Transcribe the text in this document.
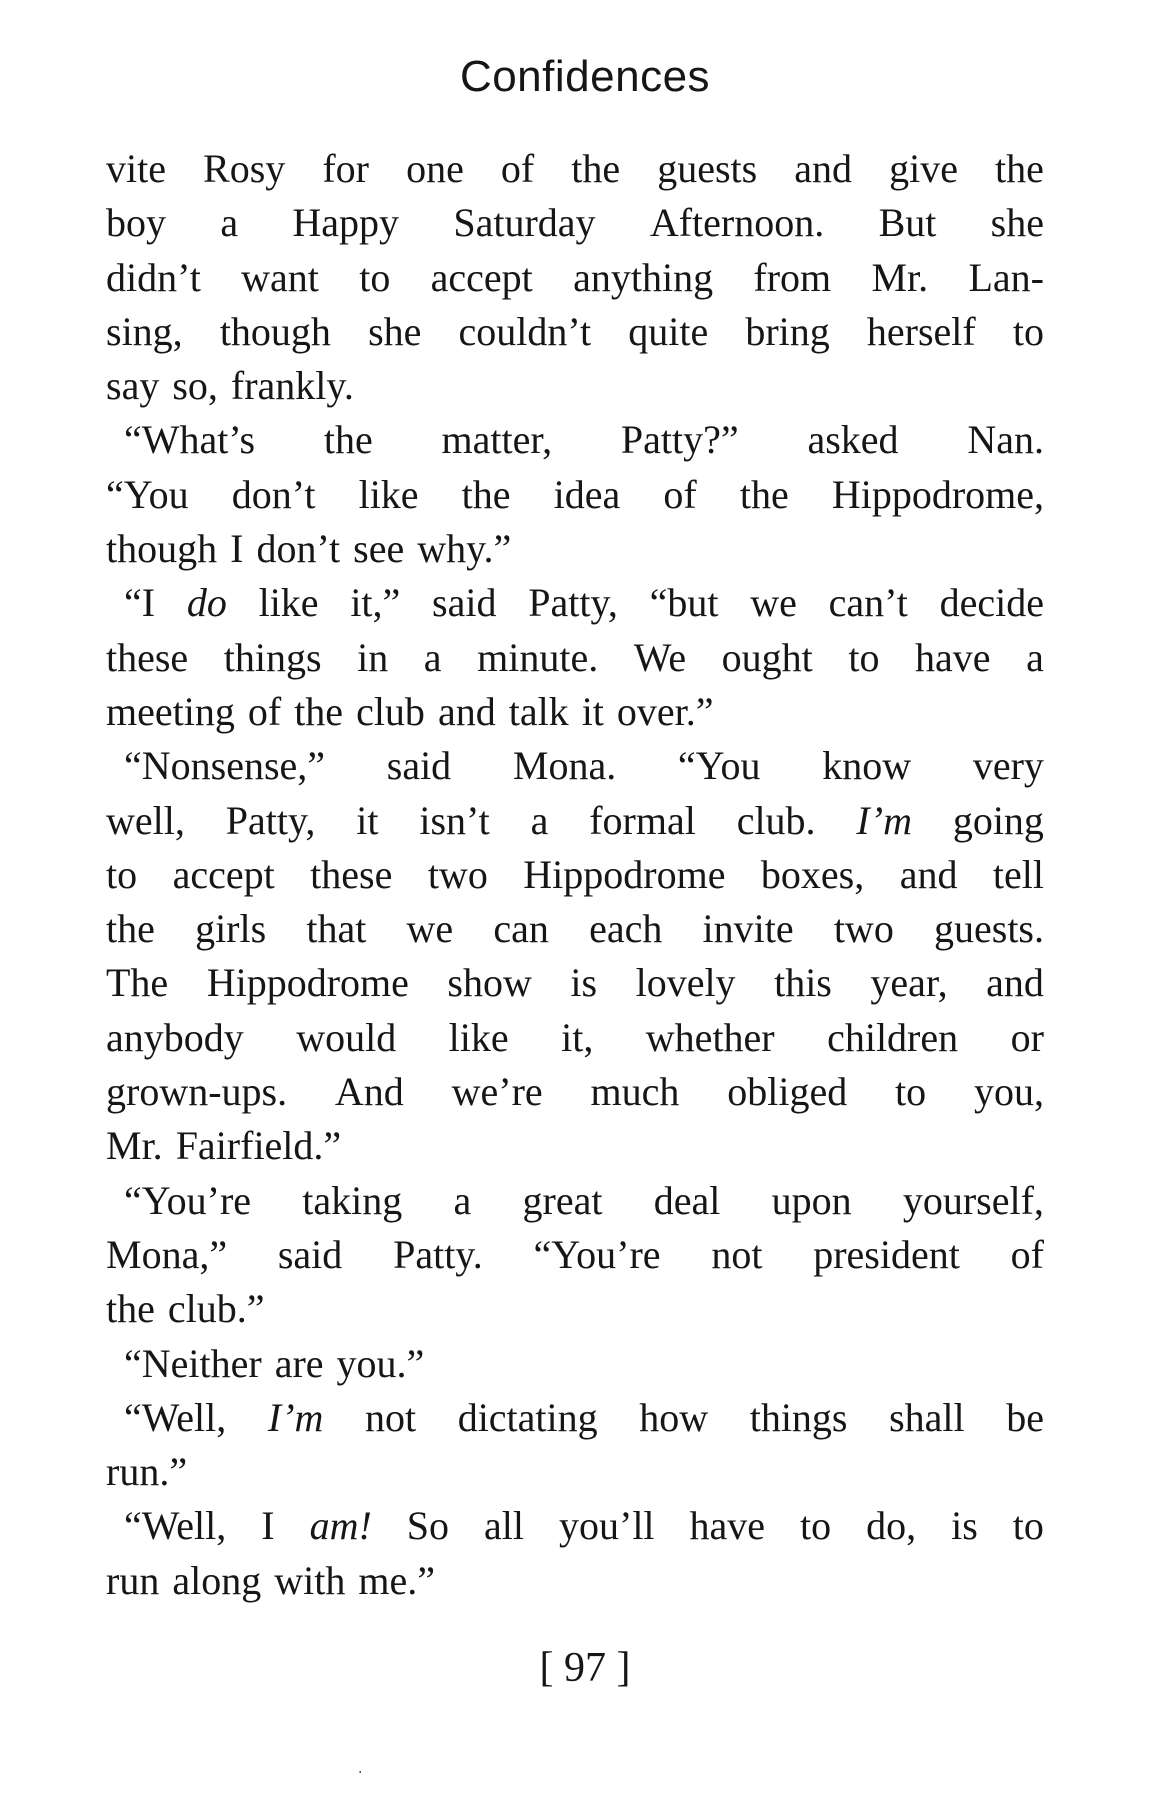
Confidences
vite Rosy for one of the guests and give the
boy a Happy Saturday Afternoon. But she
didn’t want to accept anything from Mr. Lan-
sing, though she couldn’t quite bring herself to
say so, frankly.
“What’s the matter, Patty?” asked Nan.
“You don’t like the idea of the Hippodrome,
though I don’t see why.”
“I do like it,” said Patty, “but we can’t decide
these things in a minute. We ought to have a
meeting of the club and talk it over.”
“Nonsense,” said Mona. “You know very
well, Patty, it isn’t a formal club. I’m going
to accept these two Hippodrome boxes, and tell
the girls that we can each invite two guests.
The Hippodrome show is lovely this year, and
anybody would like it, whether children or
grown-ups. And we’re much obliged to you,
Mr. Fairfield.”
“You’re taking a great deal upon yourself,
Mona,” said Patty. “You’re not president of
the club.”
“Neither are you.”
“Well, I’m not dictating how things shall be
run.”
“Well, I am! So all you’ll have to do, is to
run along with me.”
[ 97 ]
‧
